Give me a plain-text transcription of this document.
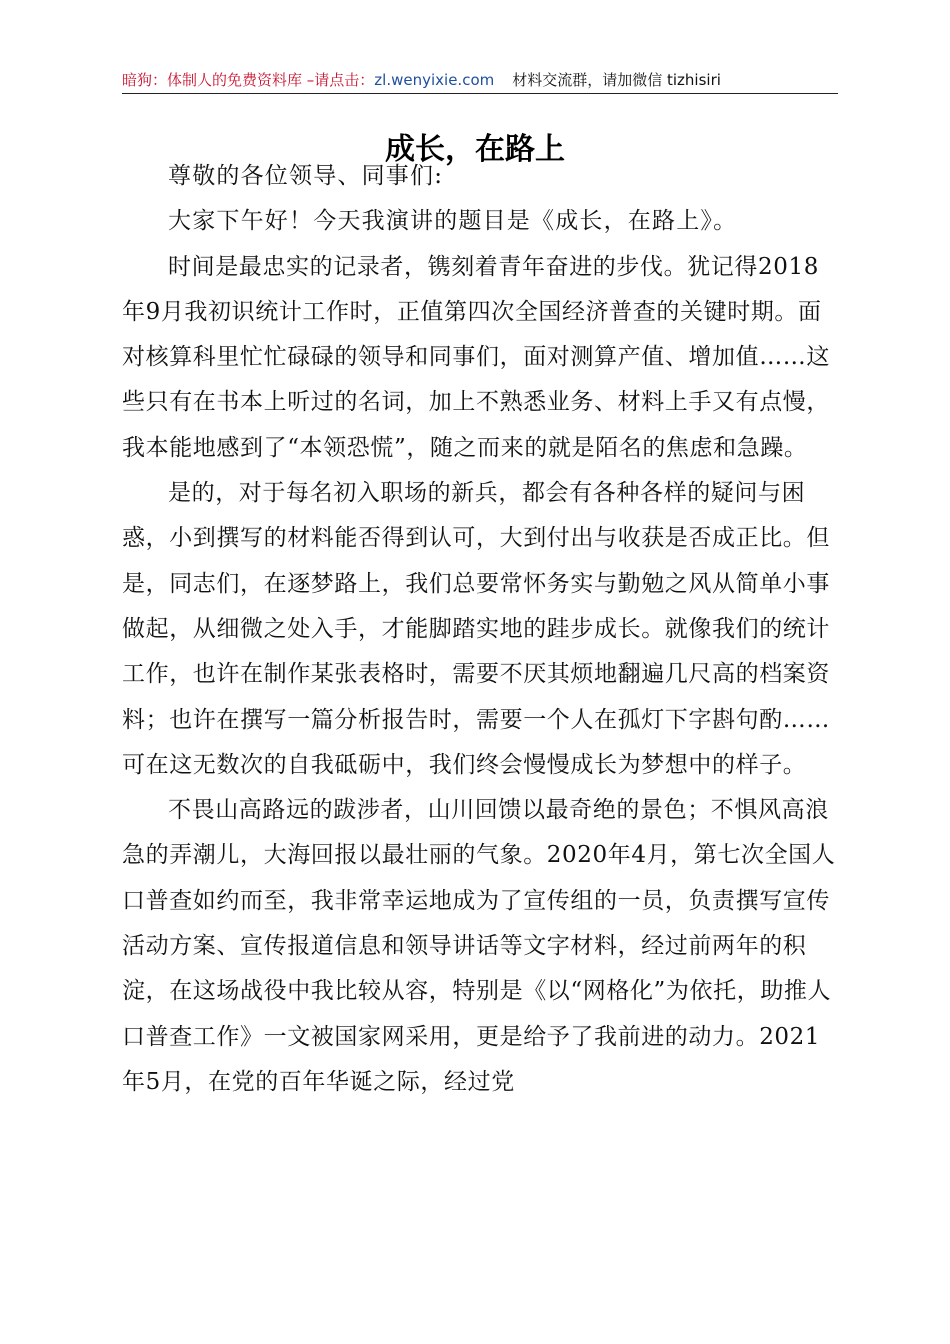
暗狗：体制人的免费资料库 –请点击：zl.wenyixie.com 材料交流群，请加微信 tizhisiri
成长，在路上

尊敬的各位领导、同事们:

大家下午好！今天我演讲的题目是《成长，在路上》。

时间是最忠实的记录者，镌刻着青年奋进的步伐。犹记得2018年9月我初识统计工作时，正值第四次全国经济普查的关键时期。面对核算科里忙忙碌碌的领导和同事们，面对测算产值、增加值……这些只有在书本上听过的名词，加上不熟悉业务、材料上手又有点慢，我本能地感到了“本领恐慌”，随之而来的就是陌名的焦虑和急躁。

是的，对于每名初入职场的新兵，都会有各种各样的疑问与困惑，小到撰写的材料能否得到认可，大到付出与收获是否成正比。但是，同志们，在逐梦路上，我们总要常怀务实与勤勉之风从简单小事做起，从细微之处入手，才能脚踏实地的跬步成长。就像我们的统计工作，也许在制作某张表格时，需要不厌其烦地翻遍几尺高的档案资料；也许在撰写一篇分析报告时，需要一个人在孤灯下字斟句酌……可在这无数次的自我砥砺中，我们终会慢慢成长为梦想中的样子。

不畏山高路远的跋涉者，山川回馈以最奇绝的景色；不惧风高浪急的弄潮儿，大海回报以最壮丽的气象。2020年4月，第七次全国人口普查如约而至，我非常幸运地成为了宣传组的一员，负责撰写宣传活动方案、宣传报道信息和领导讲话等文字材料，经过前两年的积淀，在这场战役中我比较从容，特别是《以“网格化”为依托，助推人口普查工作》一文被国家网采用，更是给予了我前进的动力。2021年5月，在党的百年华诞之际，经过党
